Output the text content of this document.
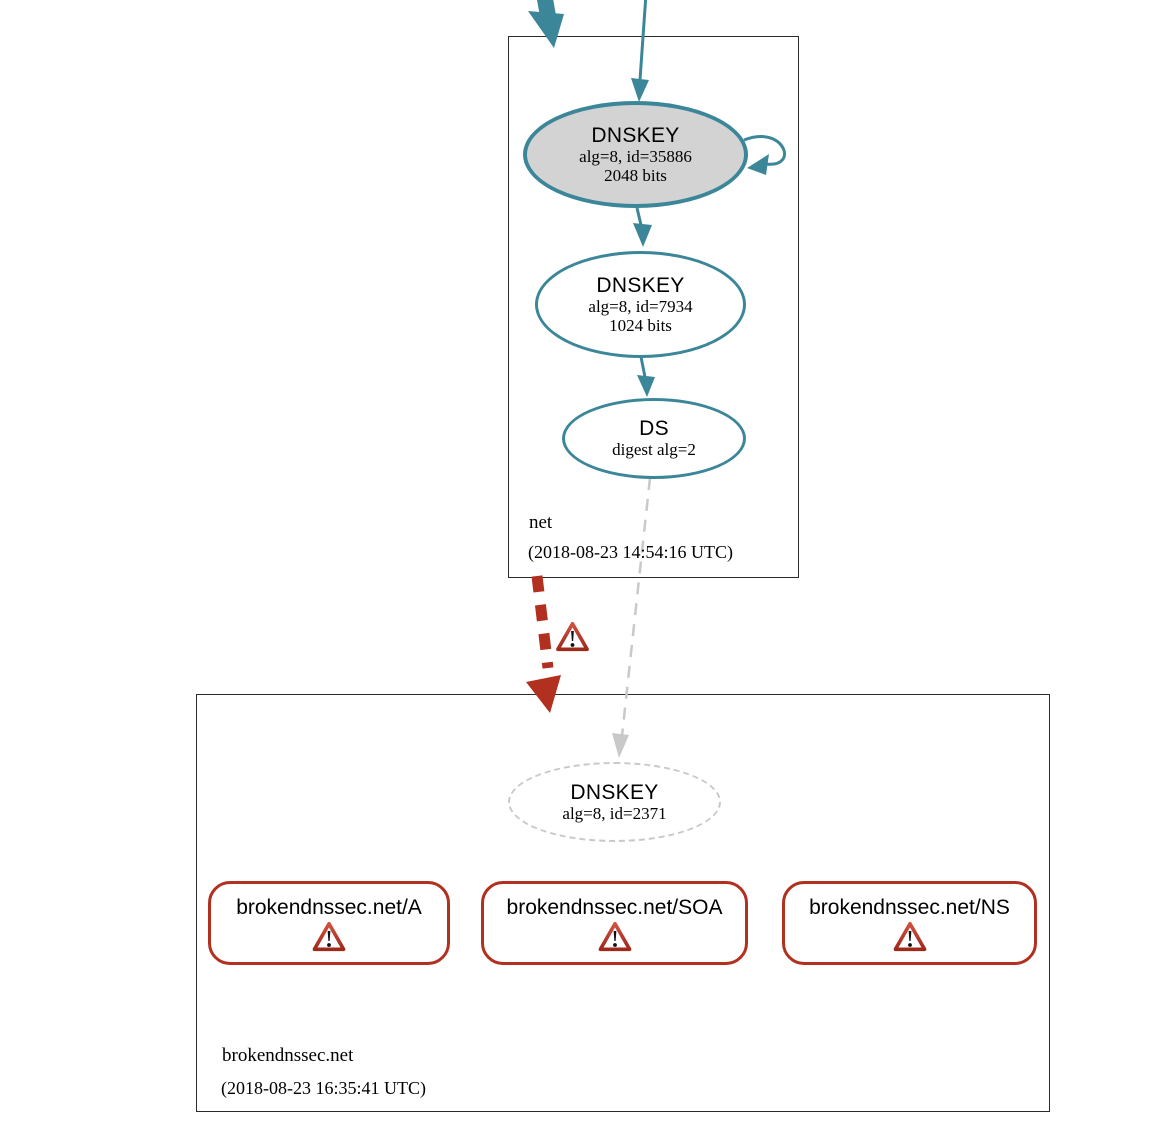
DNSKEY
alg=8, id=35886
2048 bits
DNSKEY
alg=8, id=7934
1024 bits
DS
digest alg=2
net
(2018-08-23 14:54:16 UTC)
DNSKEY
alg=8, id=2371
brokendnssec.net/A	brokendnssec.net/SOA	brokendnssec.net/NS
brokendnssec.net
(2018-08-23 16:35:41 UTC)
